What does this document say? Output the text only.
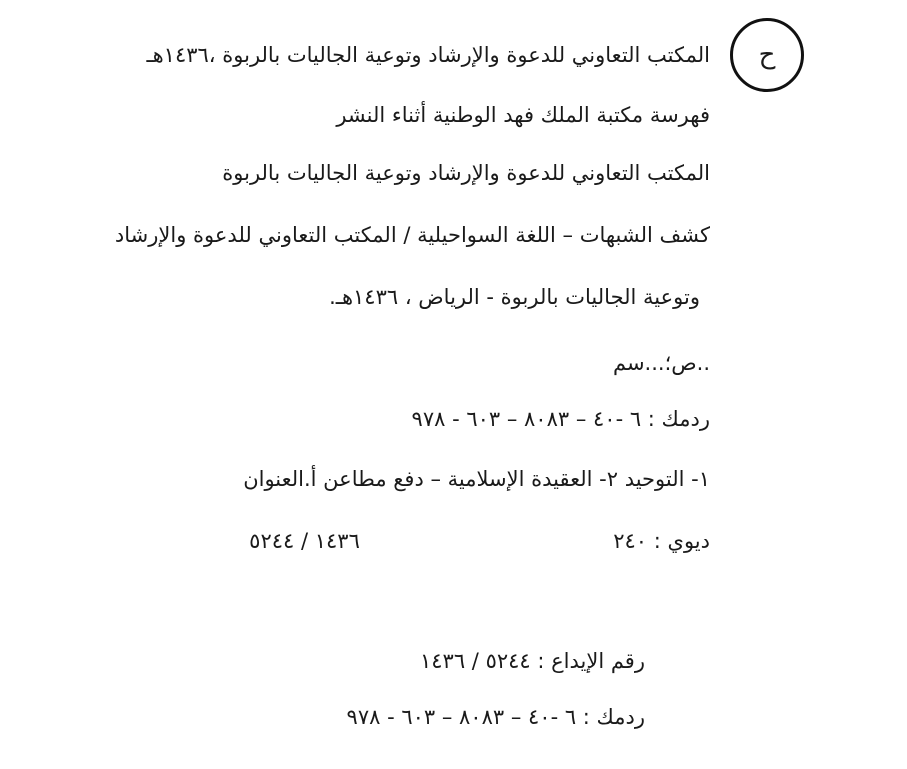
ح
المكتب التعاوني للدعوة والإرشاد وتوعية الجاليات بالربوة ،١٤٣٦هـ
فهرسة مكتبة الملك فهد الوطنية أثناء النشر
المكتب التعاوني للدعوة والإرشاد وتوعية الجاليات بالربوة
كشف الشبهات – اللغة السواحيلية / المكتب التعاوني للدعوة والإرشاد
وتوعية الجاليات بالربوة - الرياض ، ١٤٣٦هـ.
..ص؛...سم
ردمك : ٦ -٤٠ – ٨٠٨٣ – ٦٠٣ - ٩٧٨
١- التوحيد ٢- العقيدة الإسلامية – دفع مطاعن أ.العنوان
ديوي : ٢٤٠  ١٤٣٦ / ٥٢٤٤
رقم الإيداع : ٥٢٤٤ / ١٤٣٦
ردمك : ٦ -٤٠ – ٨٠٨٣ – ٦٠٣ - ٩٧٨
